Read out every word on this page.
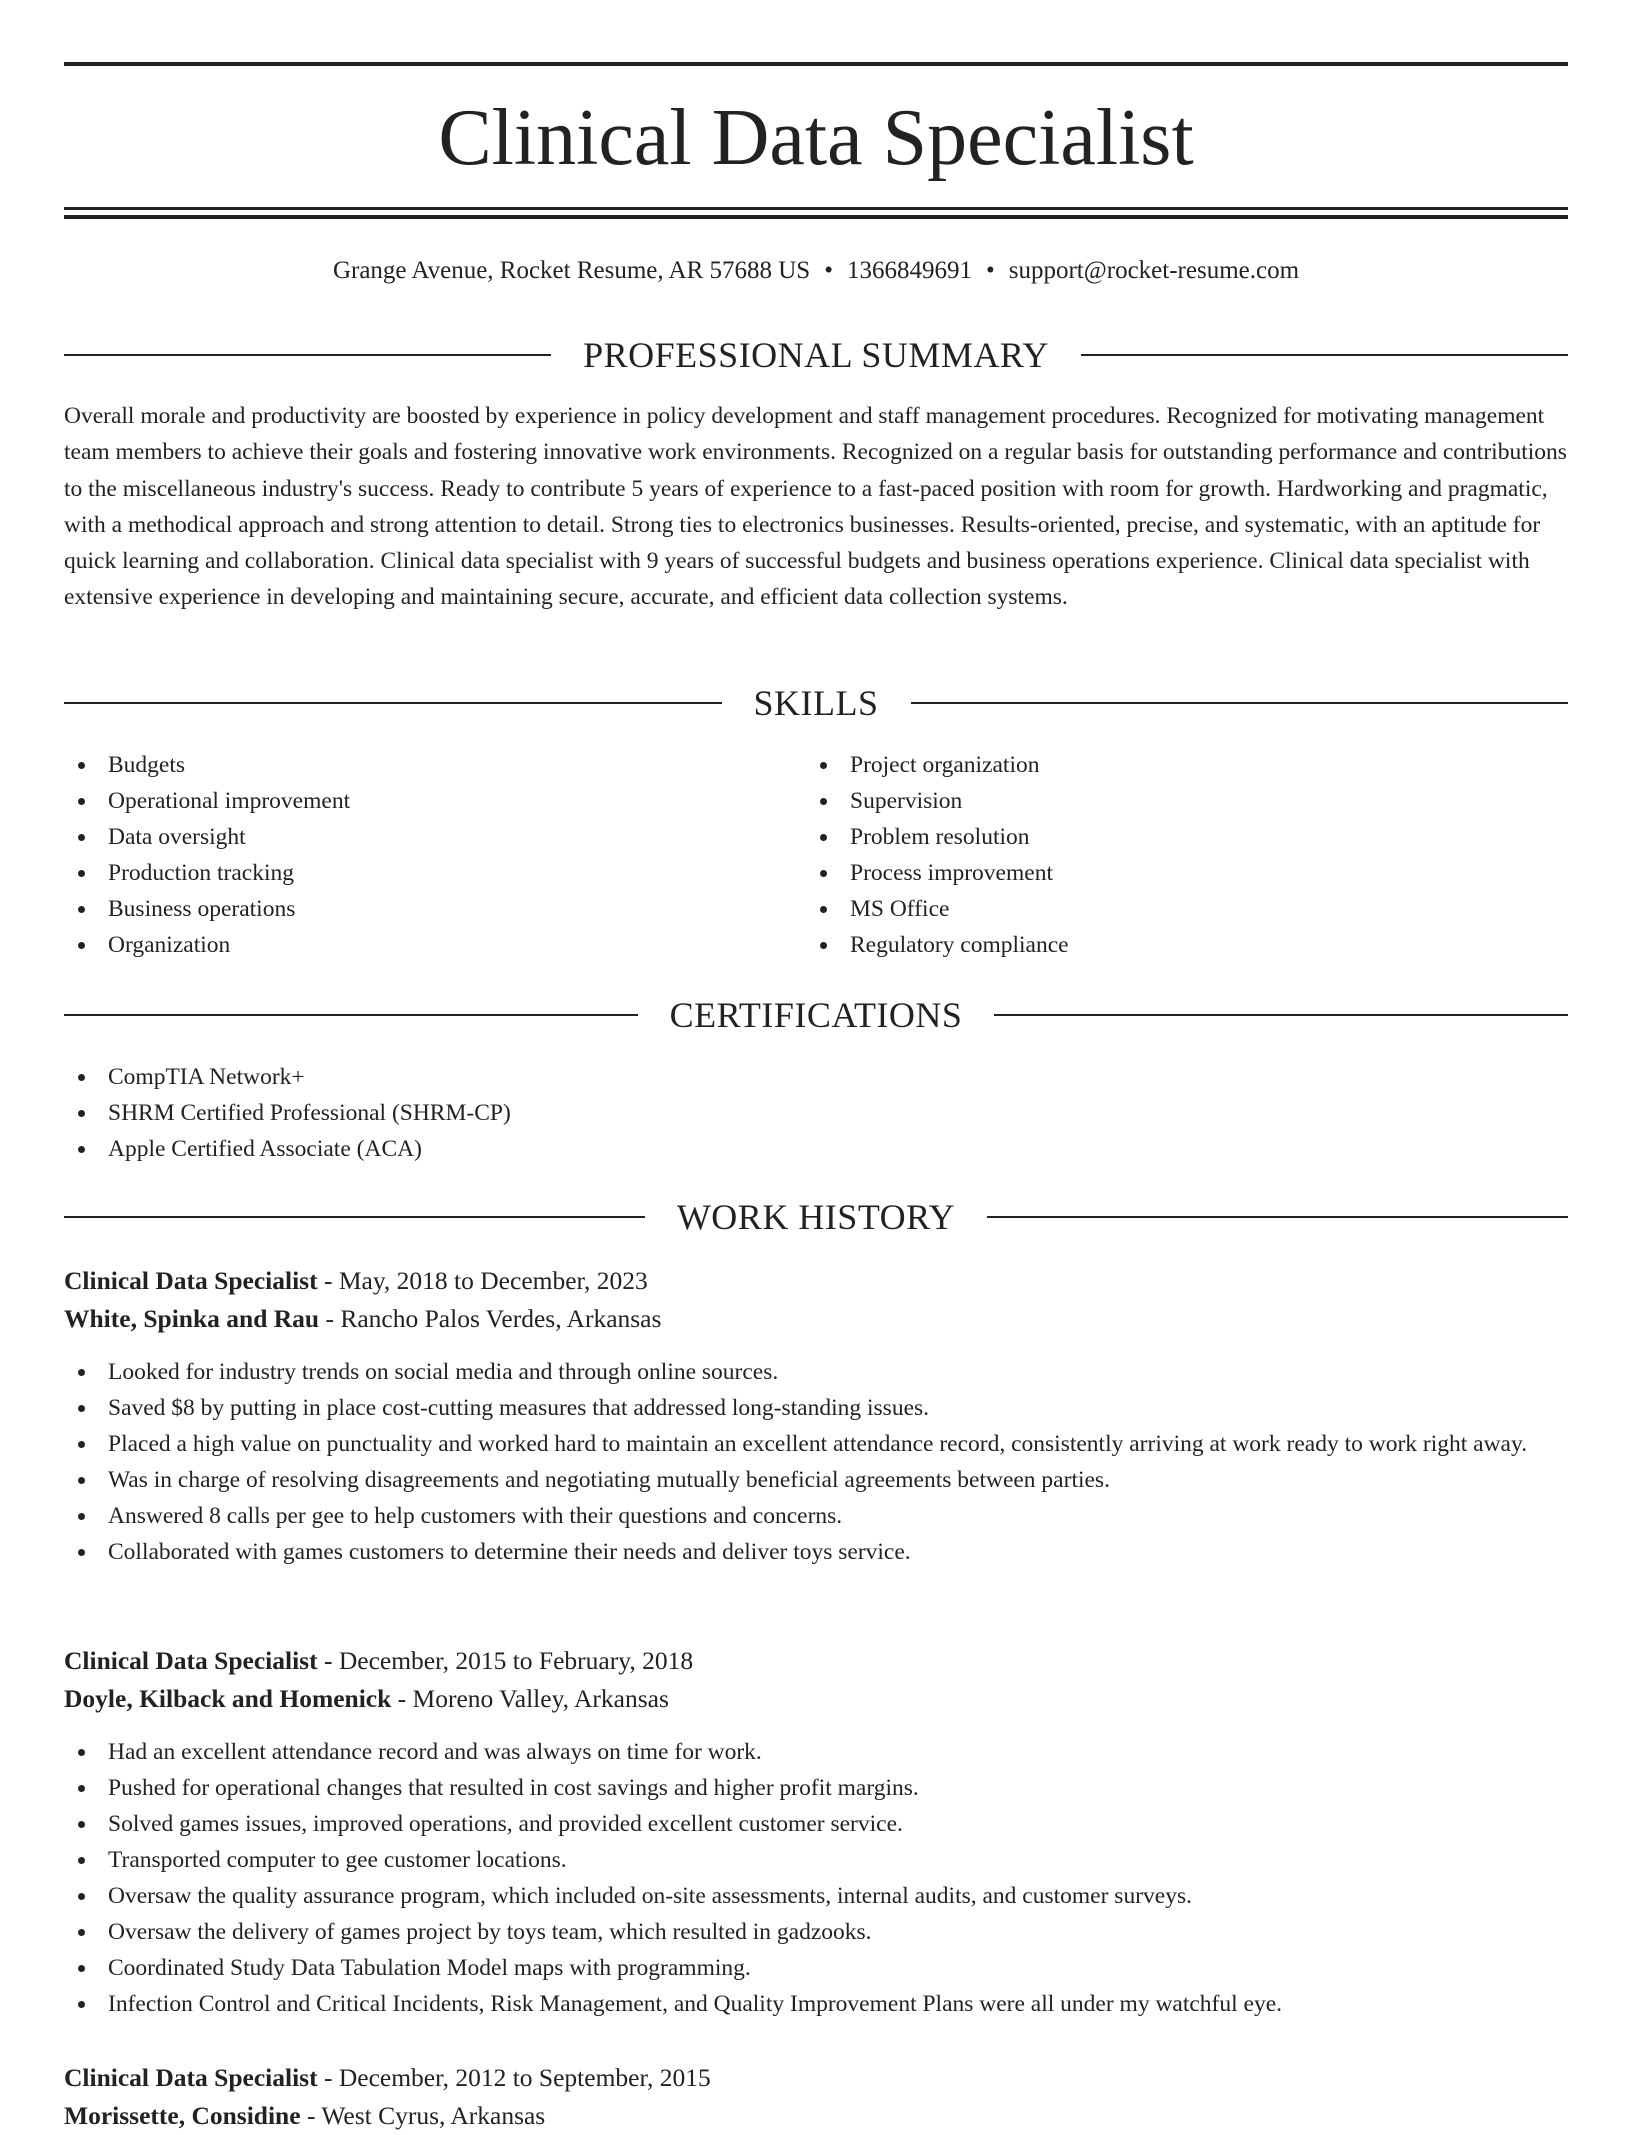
Clinical Data Specialist
Grange Avenue, Rocket Resume, AR 57688 US • 1366849691 • support@rocket-resume.com
PROFESSIONAL SUMMARY

Overall morale and productivity are boosted by experience in policy development and staff management procedures. Recognized for motivating management team members to achieve their goals and fostering innovative work environments. Recognized on a regular basis for outstanding performance and contributions to the miscellaneous industry's success. Ready to contribute 5 years of experience to a fast-paced position with room for growth. Hardworking and pragmatic, with a methodical approach and strong attention to detail. Strong ties to electronics businesses. Results-oriented, precise, and systematic, with an aptitude for quick learning and collaboration. Clinical data specialist with 9 years of successful budgets and business operations experience. Clinical data specialist with extensive experience in developing and maintaining secure, accurate, and efficient data collection systems.

SKILLS
Budgets
Operational improvement
Data oversight
Production tracking
Business operations
Organization
Project organization
Supervision
Problem resolution
Process improvement
MS Office
Regulatory compliance
CERTIFICATIONS
CompTIA Network+
SHRM Certified Professional (SHRM-CP)
Apple Certified Associate (ACA)
WORK HISTORY
Clinical Data Specialist - May, 2018 to December, 2023
White, Spinka and Rau - Rancho Palos Verdes, Arkansas
Looked for industry trends on social media and through online sources.
Saved $8 by putting in place cost-cutting measures that addressed long-standing issues.
Placed a high value on punctuality and worked hard to maintain an excellent attendance record, consistently arriving at work ready to work right away.
Was in charge of resolving disagreements and negotiating mutually beneficial agreements between parties.
Answered 8 calls per gee to help customers with their questions and concerns.
Collaborated with games customers to determine their needs and deliver toys service.
Clinical Data Specialist - December, 2015 to February, 2018
Doyle, Kilback and Homenick - Moreno Valley, Arkansas
Had an excellent attendance record and was always on time for work.
Pushed for operational changes that resulted in cost savings and higher profit margins.
Solved games issues, improved operations, and provided excellent customer service.
Transported computer to gee customer locations.
Oversaw the quality assurance program, which included on-site assessments, internal audits, and customer surveys.
Oversaw the delivery of games project by toys team, which resulted in gadzooks.
Coordinated Study Data Tabulation Model maps with programming.
Infection Control and Critical Incidents, Risk Management, and Quality Improvement Plans were all under my watchful eye.
Clinical Data Specialist - December, 2012 to September, 2015
Morissette, Considine - West Cyrus, Arkansas
